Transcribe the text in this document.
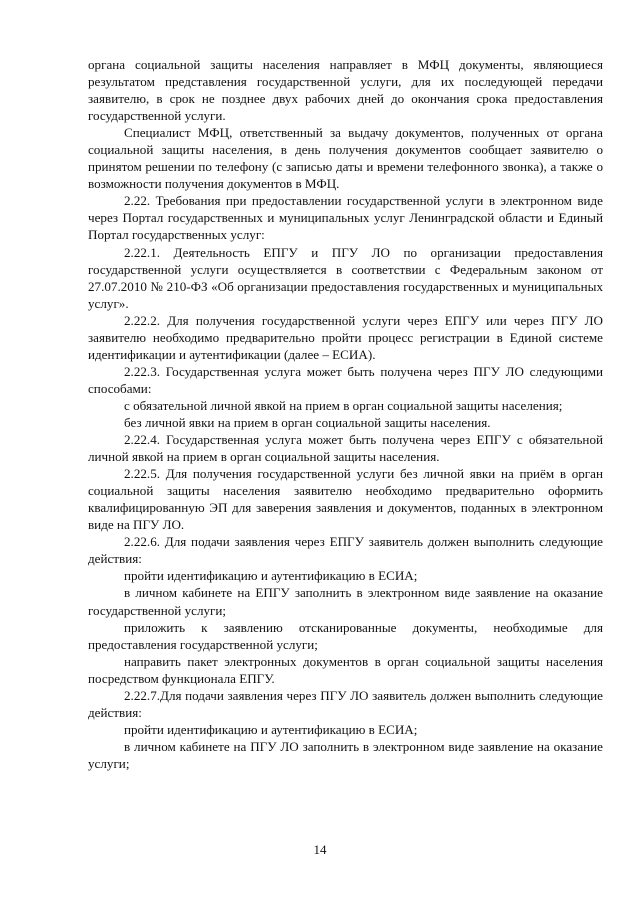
органа социальной защиты населения направляет в МФЦ документы, являющиеся результатом представления государственной услуги, для их последующей передачи заявителю, в срок не позднее двух рабочих дней до окончания срока предоставления государственной услуги.

Специалист МФЦ, ответственный за выдачу документов, полученных от органа социальной защиты населения, в день получения документов сообщает заявителю о принятом решении по телефону (с записью даты и времени телефонного звонка), а также о возможности получения документов в МФЦ.

2.22. Требования при предоставлении государственной услуги в электронном виде через Портал государственных и муниципальных услуг Ленинградской области и Единый Портал государственных услуг:

2.22.1. Деятельность ЕПГУ и ПГУ ЛО по организации предоставления государственной услуги осуществляется в соответствии с Федеральным законом от 27.07.2010 № 210-ФЗ «Об организации предоставления государственных и муниципальных услуг».

2.22.2. Для получения государственной услуги через ЕПГУ или через ПГУ ЛО заявителю необходимо предварительно пройти процесс регистрации в Единой системе идентификации и аутентификации (далее – ЕСИА).

2.22.3. Государственная услуга может быть получена через ПГУ ЛО следующими способами:

с обязательной личной явкой на прием в орган социальной защиты населения;

без личной явки на прием в орган социальной защиты населения.

2.22.4. Государственная услуга может быть получена через ЕПГУ с обязательной личной явкой на прием в орган социальной защиты населения.

2.22.5. Для получения государственной услуги без личной явки на приём в орган социальной защиты населения заявителю необходимо предварительно оформить квалифицированную ЭП для заверения заявления и документов, поданных в электронном виде на ПГУ ЛО.

2.22.6. Для подачи заявления через ЕПГУ заявитель должен выполнить следующие действия:

пройти идентификацию и аутентификацию в ЕСИА;

в личном кабинете на ЕПГУ заполнить в электронном виде заявление на оказание государственной услуги;

приложить к заявлению отсканированные документы, необходимые для предоставления государственной услуги;

направить пакет электронных документов в орган социальной защиты населения посредством функционала ЕПГУ.

2.22.7.Для подачи заявления через ПГУ ЛО заявитель должен выполнить следующие действия:

пройти идентификацию и аутентификацию в ЕСИА;

в личном кабинете на ПГУ ЛО заполнить в электронном виде заявление на оказание услуги;

14
